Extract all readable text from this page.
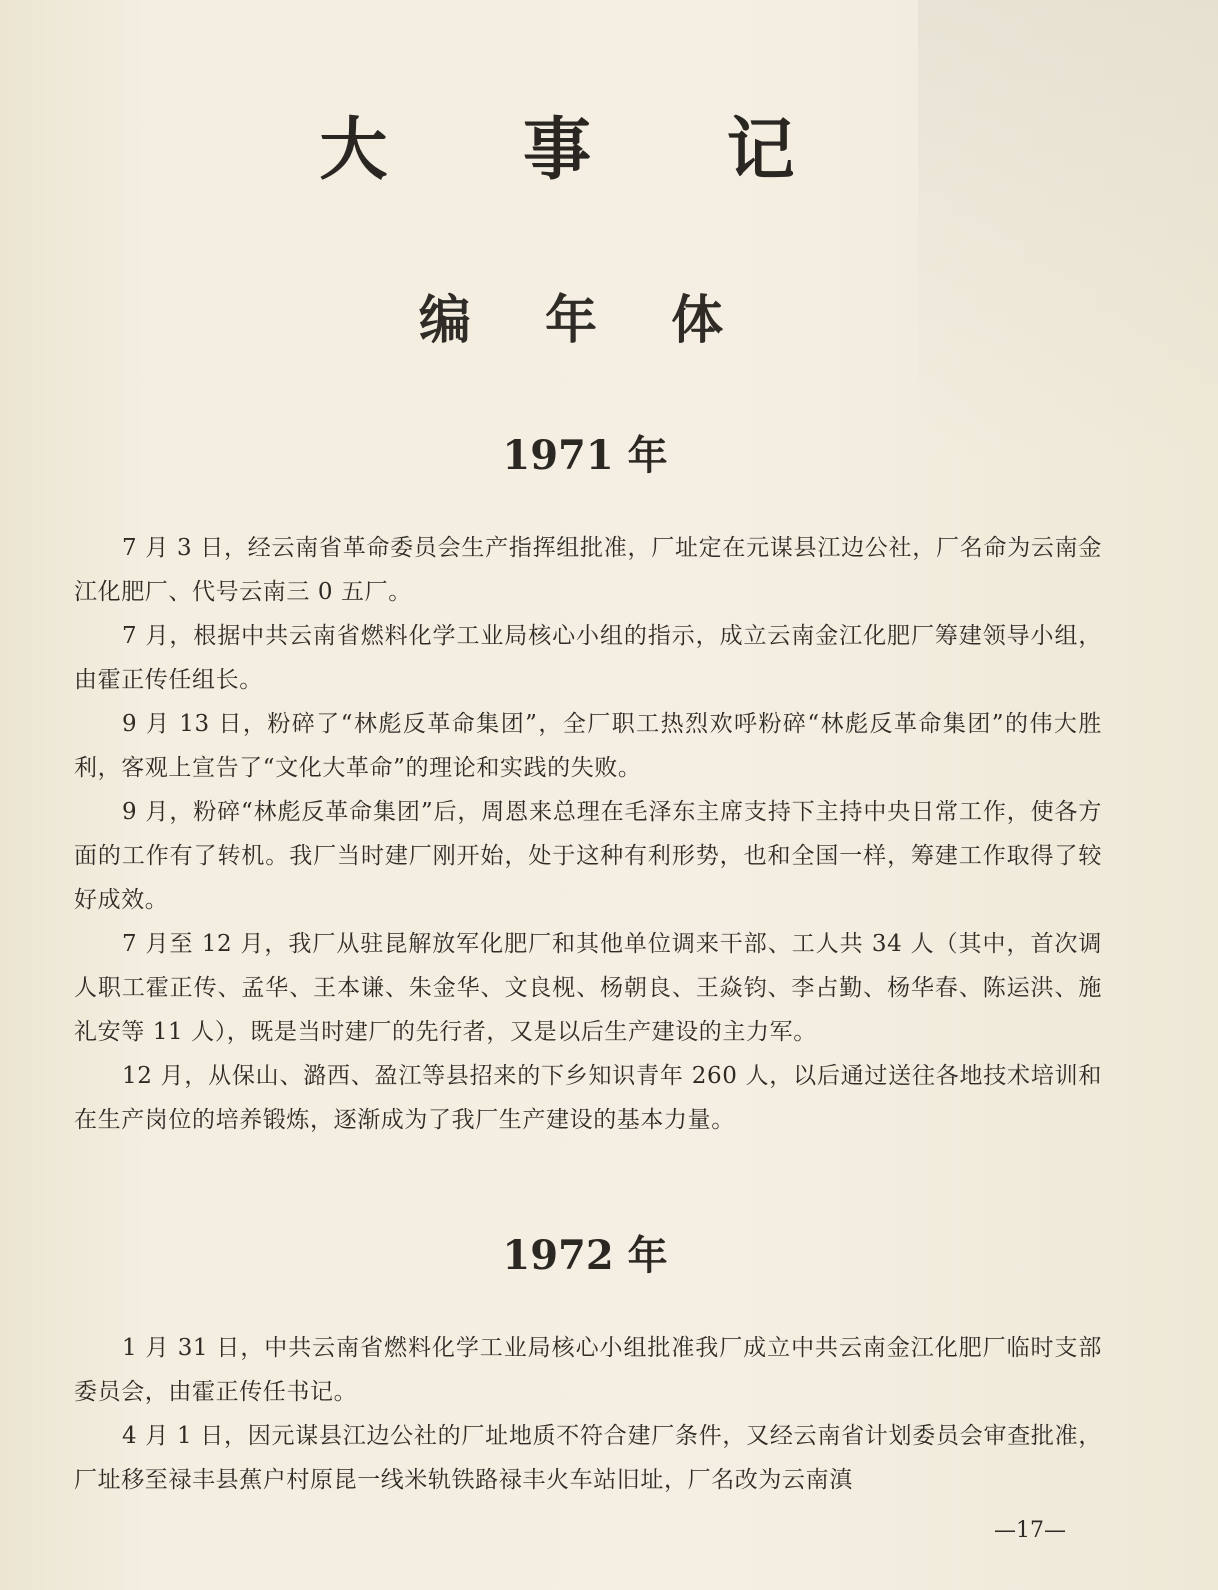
大 事 记
编 年 体
1971 年

7 月 3 日，经云南省革命委员会生产指挥组批准，厂址定在元谋县江边公社，厂名命为云南金江化肥厂、代号云南三 0 五厂。

7 月，根据中共云南省燃料化学工业局核心小组的指示，成立云南金江化肥厂筹建领导小组，由霍正传任组长。

9 月 13 日，粉碎了“林彪反革命集团”，全厂职工热烈欢呼粉碎“林彪反革命集团”的伟大胜利，客观上宣告了“文化大革命”的理论和实践的失败。

9 月，粉碎“林彪反革命集团”后，周恩来总理在毛泽东主席支持下主持中央日常工作，使各方面的工作有了转机。我厂当时建厂刚开始，处于这种有利形势，也和全国一样，筹建工作取得了较好成效。

7 月至 12 月，我厂从驻昆解放军化肥厂和其他单位调来干部、工人共 34 人（其中，首次调人职工霍正传、孟华、王本谦、朱金华、文良枧、杨朝良、王焱钧、李占勤、杨华春、陈运洪、施礼安等 11 人），既是当时建厂的先行者，又是以后生产建设的主力军。

12 月，从保山、潞西、盈江等县招来的下乡知识青年 260 人，以后通过送往各地技术培训和在生产岗位的培养锻炼，逐渐成为了我厂生产建设的基本力量。

1972 年

1 月 31 日，中共云南省燃料化学工业局核心小组批准我厂成立中共云南金江化肥厂临时支部委员会，由霍正传任书记。

4 月 1 日，因元谋县江边公社的厂址地质不符合建厂条件，又经云南省计划委员会审查批准，厂址移至禄丰县蕉户村原昆一线米轨铁路禄丰火车站旧址，厂名改为云南滇

—17—
